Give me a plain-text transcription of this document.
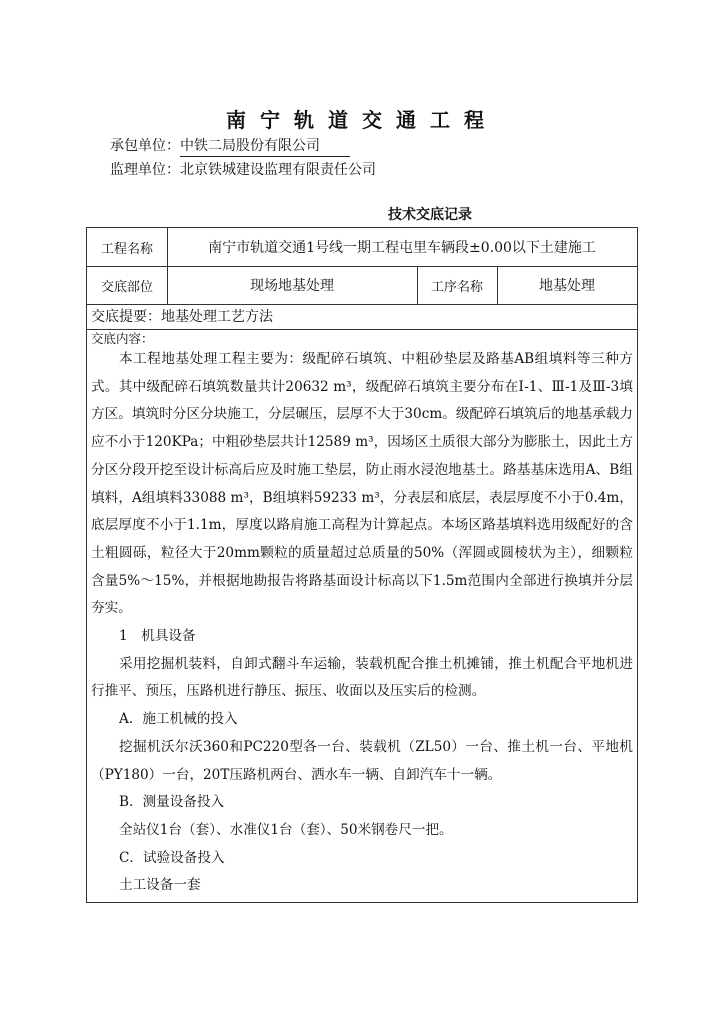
南宁轨道交通工程
承包单位：中铁二局股份有限公司
监理单位：北京铁城建设监理有限责任公司
技术交底记录
工程名称	南宁市轨道交通1号线一期工程屯里车辆段±0.00以下土建施工
交底部位	现场地基处理	工序名称	地基处理
交底提要：地基处理工艺方法
交底内容：

本工程地基处理工程主要为：级配碎石填筑、中粗砂垫层及路基AB组填料等三种方式。其中级配碎石填筑数量共计20632 m³，级配碎石填筑主要分布在Ⅰ-1、Ⅲ-1及Ⅲ-3填方区。填筑时分区分块施工，分层碾压，层厚不大于30cm。级配碎石填筑后的地基承载力应不小于120KPa；中粗砂垫层共计12589 m³，因场区土质很大部分为膨胀土，因此土方分区分段开挖至设计标高后应及时施工垫层，防止雨水浸泡地基土。路基基床选用A、B组填料，A组填料33088 m³，B组填料59233 m³，分表层和底层，表层厚度不小于0.4m，底层厚度不小于1.1m，厚度以路肩施工高程为计算起点。本场区路基填料选用级配好的含土粗圆砾，粒径大于20mm颗粒的质量超过总质量的50%（浑圆或圆棱状为主），细颗粒含量5%～15%，并根据地勘报告将路基面设计标高以下1.5m范围内全部进行换填并分层夯实。

1　机具设备

采用挖掘机装料，自卸式翻斗车运输，装载机配合推土机摊铺，推土机配合平地机进行推平、预压，压路机进行静压、振压、收面以及压实后的检测。

A．施工机械的投入

挖掘机沃尔沃360和PC220型各一台、装载机（ZL50）一台、推土机一台、平地机（PY180）一台，20T压路机两台、洒水车一辆、自卸汽车十一辆。

B．测量设备投入

全站仪1台（套）、水准仪1台（套）、50米钢卷尺一把。

C．试验设备投入

土工设备一套
